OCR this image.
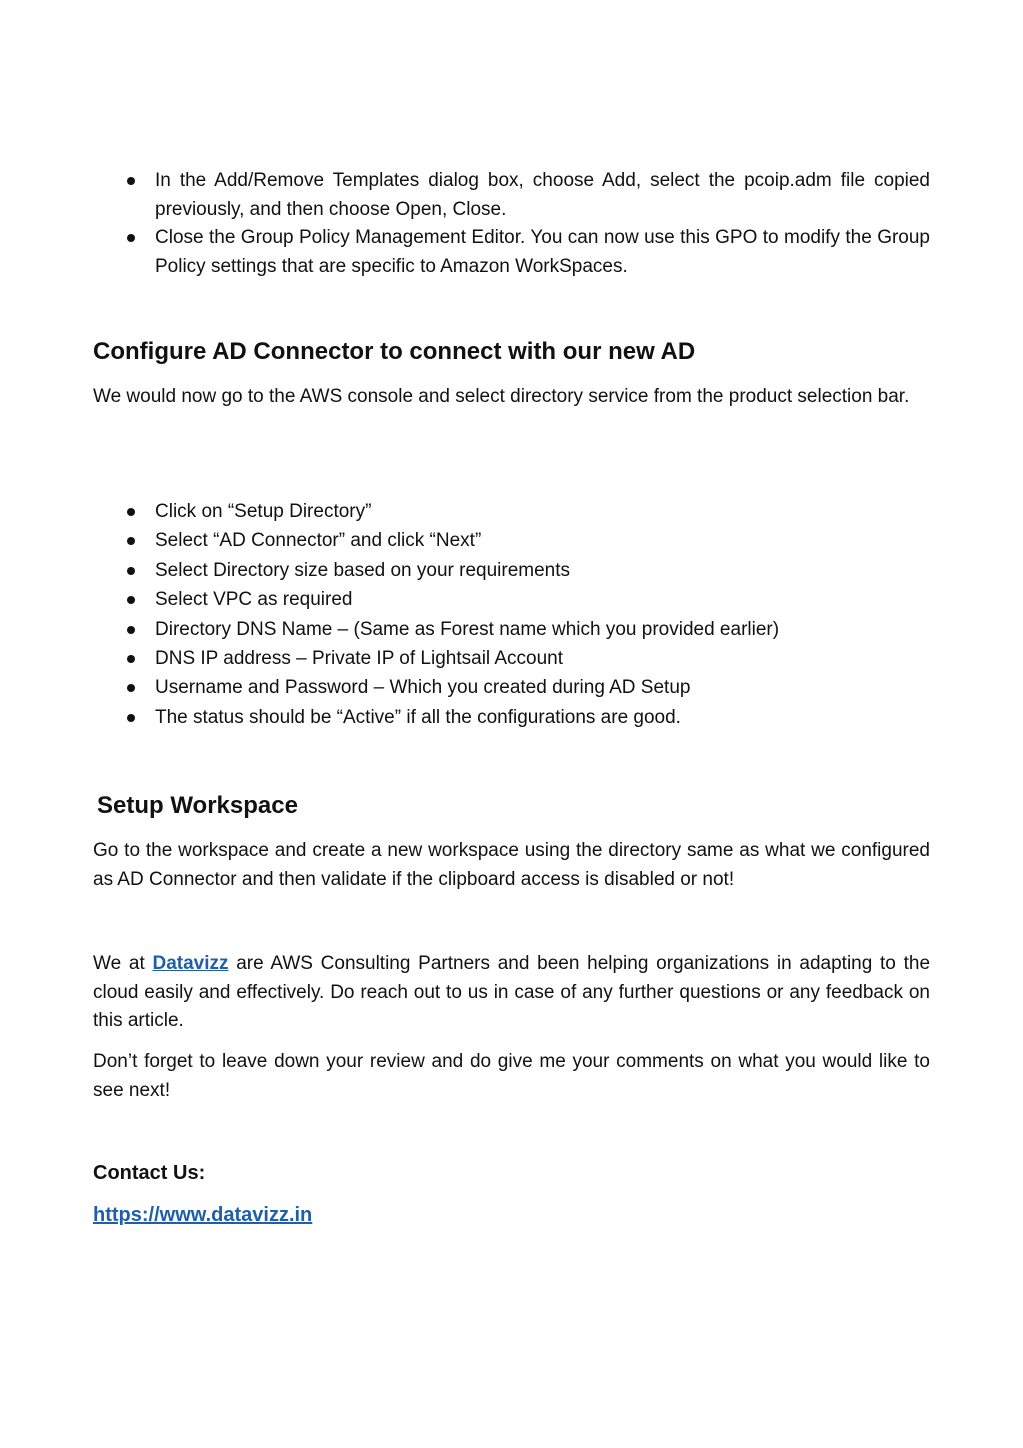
In the Add/Remove Templates dialog box, choose Add, select the pcoip.adm file copied previously, and then choose Open, Close.
Close the Group Policy Management Editor. You can now use this GPO to modify the Group Policy settings that are specific to Amazon WorkSpaces.
Configure AD Connector to connect with our new AD

We would now go to the AWS console and select directory service from the product selection bar.

Click on “Setup Directory”
Select “AD Connector” and click “Next”
Select Directory size based on your requirements
Select VPC as required
Directory DNS Name – (Same as Forest name which you provided earlier)
DNS IP address – Private IP of Lightsail Account
Username and Password – Which you created during AD Setup
The status should be “Active” if all the configurations are good.
Setup Workspace

Go to the workspace and create a new workspace using the directory same as what we configured as AD Connector and then validate if the clipboard access is disabled or not!

We at Datavizz are AWS Consulting Partners and been helping organizations in adapting to the cloud easily and effectively. Do reach out to us in case of any further questions or any feedback on this article.

Don’t forget to leave down your review and do give me your comments on what you would like to see next!

Contact Us:
https://www.datavizz.in
